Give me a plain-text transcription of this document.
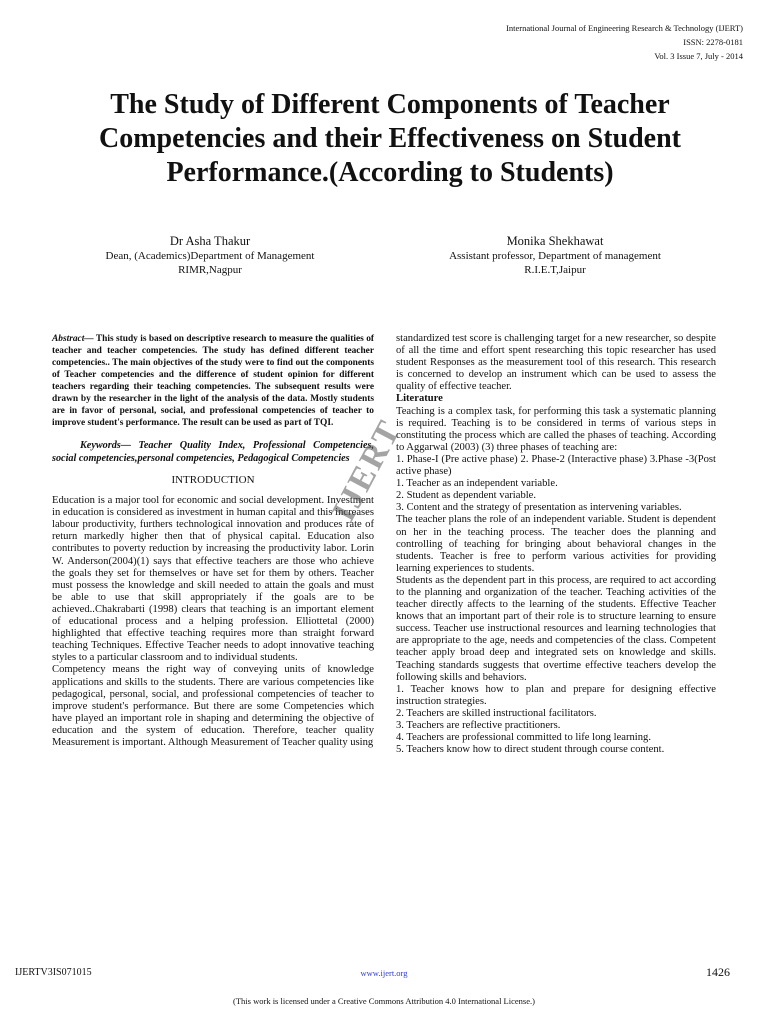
International Journal of Engineering Research & Technology (IJERT)
ISSN: 2278-0181
Vol. 3 Issue 7, July - 2014
The Study of Different Components of Teacher Competencies and their Effectiveness on Student Performance.(According to Students)
Dr Asha Thakur
Dean, (Academics)Department of Management
RIMR,Nagpur
Monika Shekhawat
Assistant professor, Department of management
R.I.E.T,Jaipur

Abstract— This study is based on descriptive research to measure the qualities of teacher and teacher competencies. The study has defined different teacher competencies.. The main objectives of the study were to find out the components of Teacher competencies and the difference of student opinion for different teachers regarding their teaching competencies. The subsequent results were drawn by the researcher in the light of the analysis of the data. Mostly students are in favor of personal, social, and professional competencies of teacher to improve student's performance. The result can be used as part of TQI.

Keywords— Teacher Quality Index, Professional Competencies, social competencies,personal competencies, Pedagogical Competencies

INTRODUCTION

Education is a major tool for economic and social development. Investment in education is considered as investment in human capital and this increases labour productivity, furthers technological innovation and produces rate of return markedly higher then that of physical capital. Education also contributes to poverty reduction by increasing the productivity labor. Lorin W. Anderson(2004)(1) says that effective teachers are those who achieve the goals they set for themselves or have set for them by others. Teacher must possess the knowledge and skill needed to attain the goals and must be able to use that skill appropriately if the goals are to be achieved..Chakrabarti (1998) clears that teaching is an important element of educational process and a helping profession. Elliottetal (2000) highlighted that effective teaching requires more than straight forward teaching Techniques. Effective Teacher needs to adopt innovative teaching styles to a particular classroom and to individual students.

Competency means the right way of conveying units of knowledge applications and skills to the students. There are various competencies like pedagogical, personal, social, and professional competencies of teacher to improve student's performance. But there are some Competencies which have played an important role in shaping and determining the objective of education and the system of education. Therefore, teacher quality Measurement is important. Although Measurement of Teacher quality using

standardized test score is challenging target for a new researcher, so despite of all the time and effort spent researching this topic researcher has used student Responses as the measurement tool of this research. This research is concerned to develop an instrument which can be used to assess the quality of effective teacher.

Literature

Teaching is a complex task, for performing this task a systematic planning is required. Teaching is to be considered in terms of various steps in constituting the process which are called the phases of teaching. According to Aggarwal (2003) (3) three phases of teaching are:

1. Phase-I (Pre active phase) 2. Phase-2 (Interactive phase) 3.Phase -3(Post active phase)

1. Teacher as an independent variable.

2. Student as dependent variable.

3. Content and the strategy of presentation as intervening variables.

The teacher plans the role of an independent variable. Student is dependent on her in the teaching process. The teacher does the planning and controlling of teaching for bringing about behavioral changes in the students. Teacher is free to perform various activities for providing learning experiences to students.

Students as the dependent part in this process, are required to act according to the planning and organization of the teacher. Teaching activities of the teacher directly affects to the learning of the students. Effective Teacher knows that an important part of their role is to structure learning to ensure success. Teacher use instructional resources and learning technologies that are appropriate to the age, needs and competencies of the class. Competent teacher apply broad deep and integrated sets on knowledge and skills. Teaching standards suggests that overtime effective teachers develop the following skills and behaviors.

1. Teacher knows how to plan and prepare for designing effective instruction strategies.

2. Teachers are skilled instructional facilitators.

3. Teachers are reflective practitioners.

4. Teachers are professional committed to life long learning.

5. Teachers know how to direct student through course content.

IJERT
IJERTV3IS071015	www.ijert.org	1426
(This work is licensed under a Creative Commons Attribution 4.0 International License.)
